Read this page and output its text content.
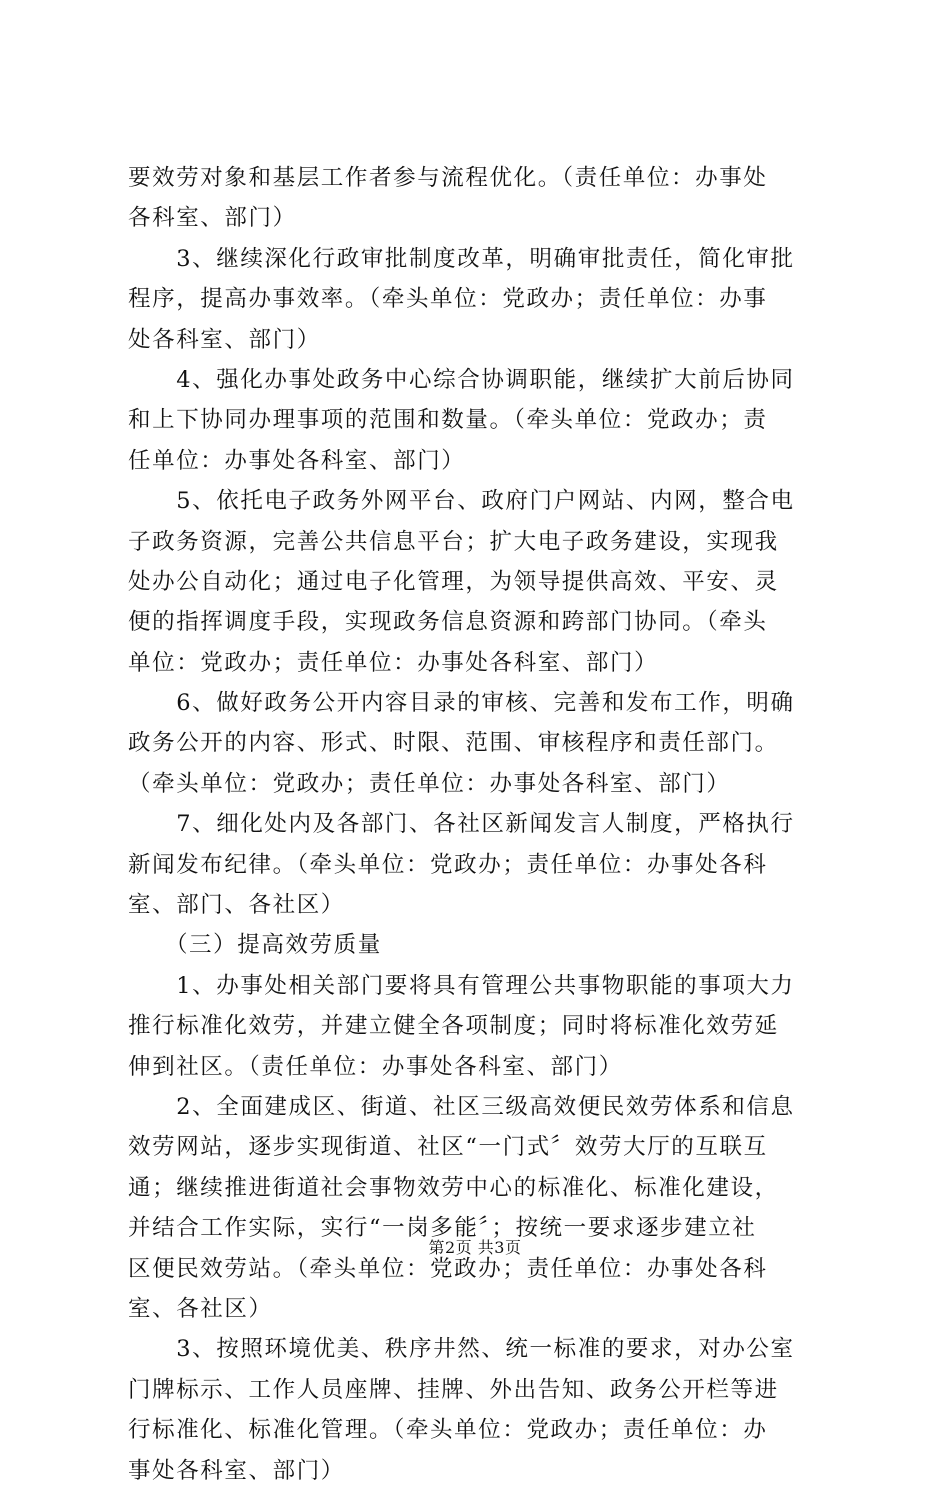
要效劳对象和基层工作者参与流程优化。（责任单位：办事处
各科室、部门）
　　3、继续深化行政审批制度改革，明确审批责任，简化审批
程序，提高办事效率。（牵头单位：党政办；责任单位：办事
处各科室、部门）
　　4、强化办事处政务中心综合协调职能，继续扩大前后协同
和上下协同办理事项的范围和数量。（牵头单位：党政办；责
任单位：办事处各科室、部门）
　　5、依托电子政务外网平台、政府门户网站、内网，整合电
子政务资源，完善公共信息平台；扩大电子政务建设，实现我
处办公自动化；通过电子化管理，为领导提供高效、平安、灵
便的指挥调度手段，实现政务信息资源和跨部门协同。（牵头
单位：党政办；责任单位：办事处各科室、部门）
　　6、做好政务公开内容目录的审核、完善和发布工作，明确
政务公开的内容、形式、时限、范围、审核程序和责任部门。
（牵头单位：党政办；责任单位：办事处各科室、部门）
　　7、细化处内及各部门、各社区新闻发言人制度，严格执行
新闻发布纪律。（牵头单位：党政办；责任单位：办事处各科
室、部门、各社区）
　　（三）提高效劳质量
　　1、办事处相关部门要将具有管理公共事物职能的事项大力
推行标准化效劳，并建立健全各项制度；同时将标准化效劳延
伸到社区。（责任单位：办事处各科室、部门）
　　2、全面建成区、街道、社区三级高效便民效劳体系和信息
效劳网站，逐步实现街道、社区“一门式〞效劳大厅的互联互
通；继续推进街道社会事物效劳中心的标准化、标准化建设，
并结合工作实际，实行“一岗多能〞；按统一要求逐步建立社
区便民效劳站。（牵头单位：党政办；责任单位：办事处各科
室、各社区）
　　3、按照环境优美、秩序井然、统一标准的要求，对办公室
门牌标示、工作人员座牌、挂牌、外出告知、政务公开栏等进
行标准化、标准化管理。（牵头单位：党政办；责任单位：办
事处各科室、部门）
第2页 共3页
